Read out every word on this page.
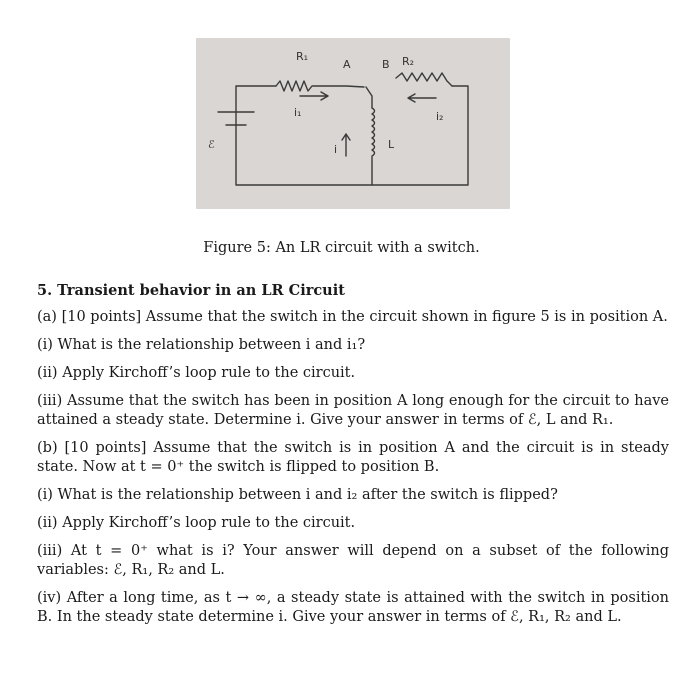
R₁
A	B R₂
i₁	i₂
ℰ	i	L
Figure 5: An LR circuit with a switch.
5. Transient behavior in an LR Circuit

(a) [10 points] Assume that the switch in the circuit shown in figure 5 is in position A.

(i) What is the relationship between i and i₁?

(ii) Apply Kirchoff’s loop rule to the circuit.

(iii) Assume that the switch has been in position A long enough for the circuit to have attained a steady state. Determine i. Give your answer in terms of ℰ, L and R₁.

(b) [10 points] Assume that the switch is in position A and the circuit is in steady state. Now at t = 0⁺ the switch is flipped to position B.

(i) What is the relationship between i and i₂ after the switch is flipped?

(ii) Apply Kirchoff’s loop rule to the circuit.

(iii) At t = 0⁺ what is i? Your answer will depend on a subset of the following variables: ℰ, R₁, R₂ and L.

(iv) After a long time, as t → ∞, a steady state is attained with the switch in position B. In the steady state determine i. Give your answer in terms of ℰ, R₁, R₂ and L.
